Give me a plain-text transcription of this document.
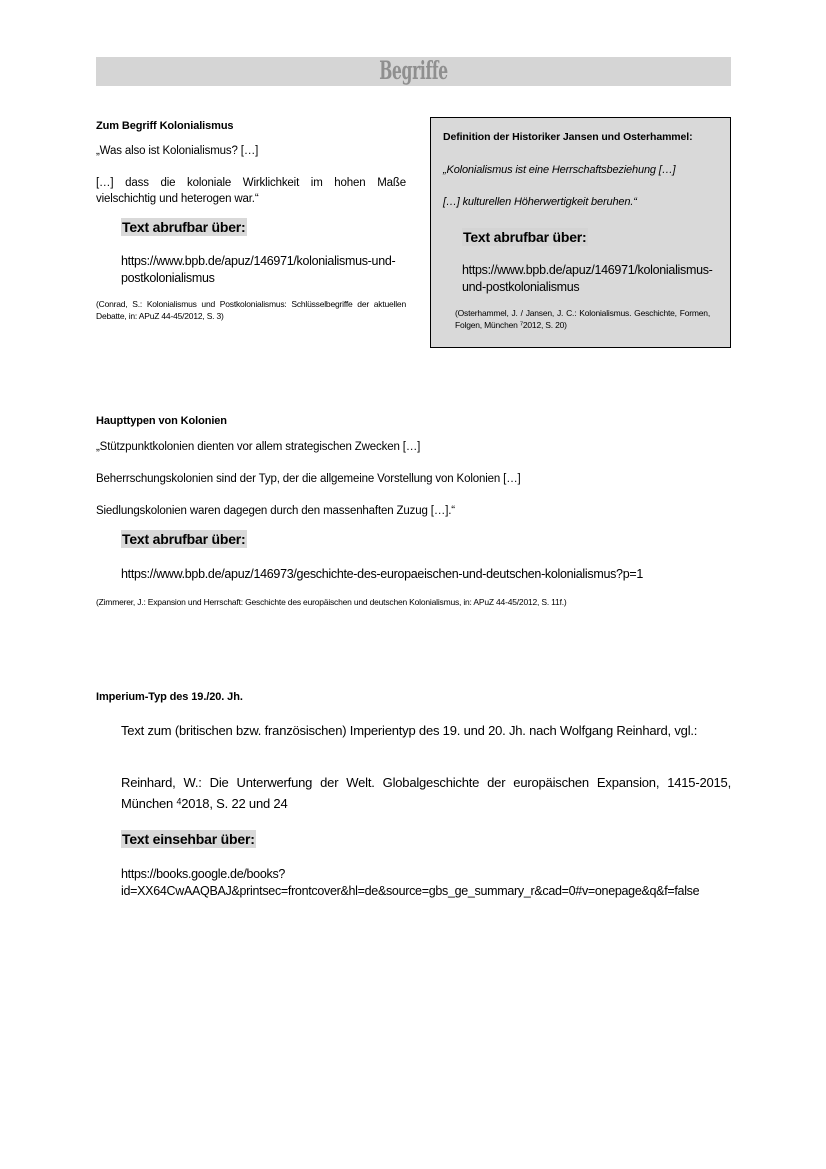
Begriffe
Zum Begriff Kolonialismus
„Was also ist Kolonialismus? […]
[…] dass die koloniale Wirklichkeit im hohen Maße vielschichtig und heterogen war.“
Text abrufbar über:
https://www.bpb.de/apuz/146971/kolonialismus-und-postkolonialismus
(Conrad, S.: Kolonialismus und Postkolonialismus: Schlüsselbegriffe der aktuellen Debatte, in: APuZ 44-45/2012, S. 3)
Definition der Historiker Jansen und Osterhammel:
„Kolonialismus ist eine Herrschaftsbeziehung […]
[…] kulturellen Höherwertigkeit beruhen.“
Text abrufbar über:
https://www.bpb.de/apuz/146971/kolonialismus-und-postkolonialismus
(Osterhammel, J. / Jansen, J. C.: Kolonialismus. Geschichte, Formen, Folgen, München $^7$2012, S. 20)
Haupttypen von Kolonien
„Stützpunktkolonien dienten vor allem strategischen Zwecken […]
Beherrschungskolonien sind der Typ, der die allgemeine Vorstellung von Kolonien […]
Siedlungskolonien waren dagegen durch den massenhaften Zuzug […].“
Text abrufbar über:
https://www.bpb.de/apuz/146973/geschichte-des-europaeischen-und-deutschen-kolonialismus?p=1
(Zimmerer, J.: Expansion und Herrschaft: Geschichte des europäischen und deutschen Kolonialismus, in: APuZ 44-45/2012, S. 11f.)
Imperium-Typ des 19./20. Jh.
Text zum (britischen bzw. französischen) Imperientyp des 19. und 20. Jh. nach Wolfgang Reinhard, vgl.:
Reinhard, W.: Die Unterwerfung der Welt. Globalgeschichte der europäischen Expansion, 1415-2015, München $^4$2018, S. 22 und 24
Text einsehbar über:
https://books.google.de/books?id=XX64CwAAQBAJ&printsec=frontcover&hl=de&source=gbs_ge_summary_r&cad=0#v=onepage&q&f=false
